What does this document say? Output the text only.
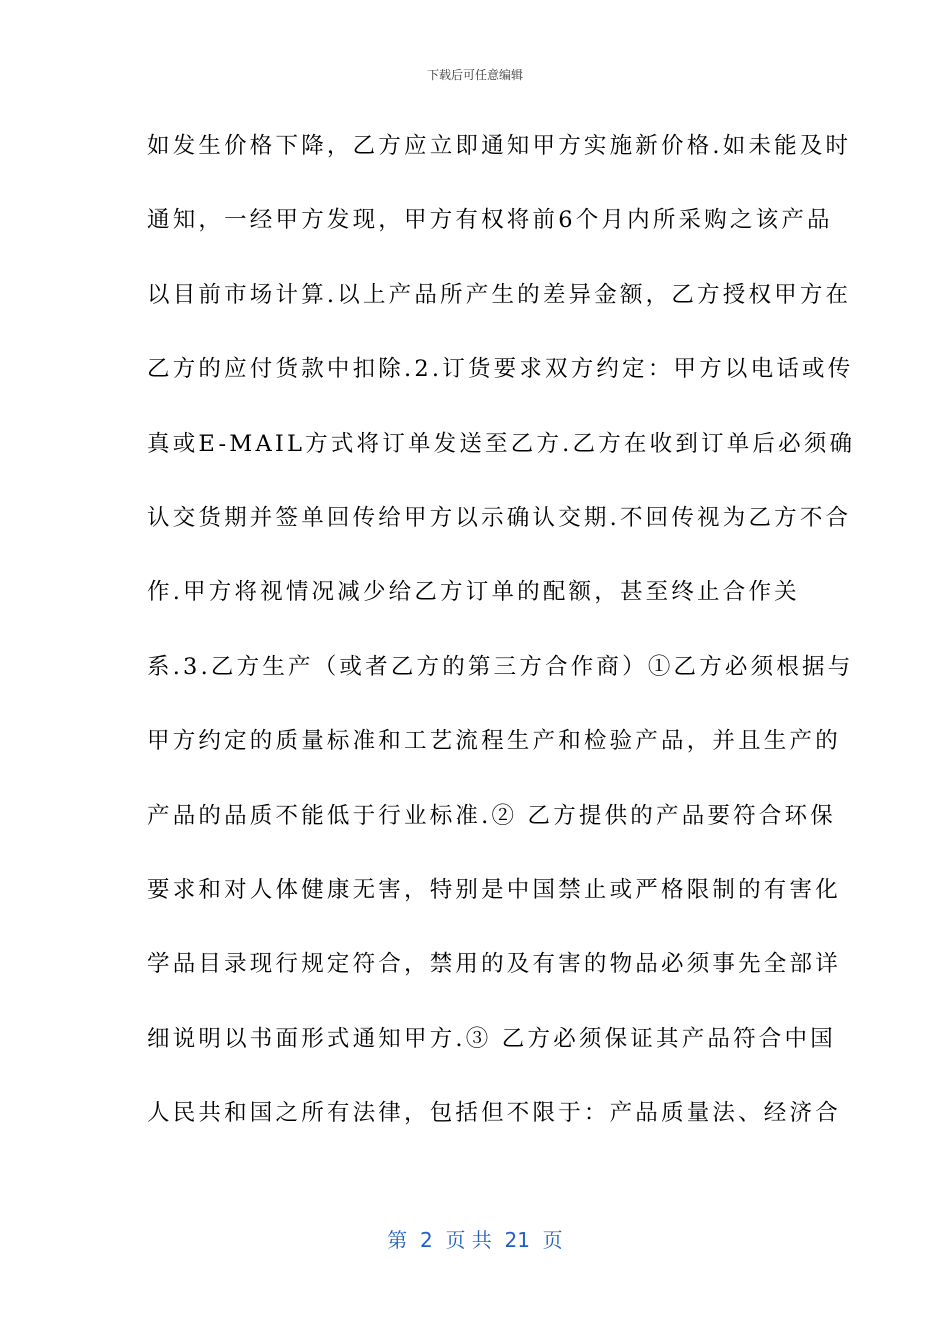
下载后可任意编辑
如发生价格下降，乙方应立即通知甲方实施新价格.如未能及时
通知，一经甲方发现，甲方有权将前6个月内所采购之该产品
以目前市场计算.以上产品所产生的差异金额，乙方授权甲方在
乙方的应付货款中扣除.2.订货要求双方约定：甲方以电话或传
真或E-MAIL方式将订单发送至乙方.乙方在收到订单后必须确
认交货期并签单回传给甲方以示确认交期.不回传视为乙方不合
作.甲方将视情况减少给乙方订单的配额，甚至终止合作关
系.3.乙方生产（或者乙方的第三方合作商）①乙方必须根据与
甲方约定的质量标准和工艺流程生产和检验产品，并且生产的
产品的品质不能低于行业标准.② 乙方提供的产品要符合环保
要求和对人体健康无害，特别是中国禁止或严格限制的有害化
学品目录现行规定符合，禁用的及有害的物品必须事先全部详
细说明以书面形式通知甲方.③ 乙方必须保证其产品符合中国
人民共和国之所有法律，包括但不限于：产品质量法、经济合
第  2  页 共  21  页
